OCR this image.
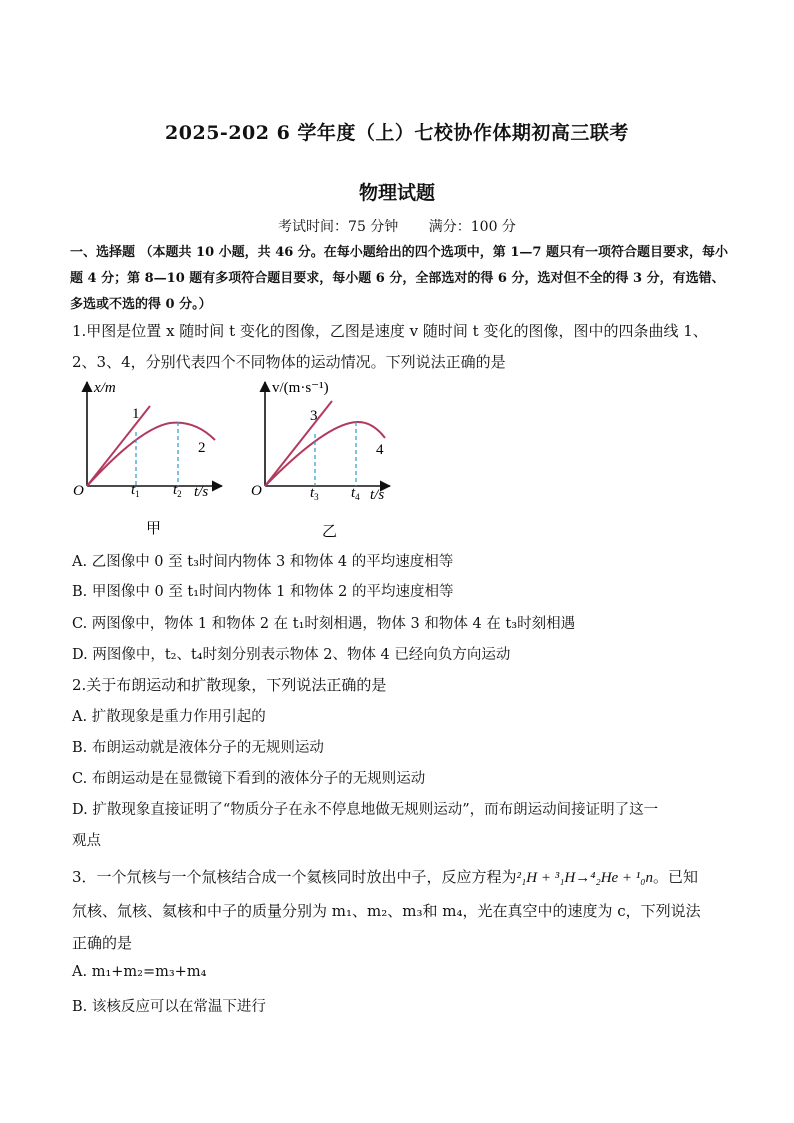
2025-202 6 学年度（上）七校协作体期初高三联考
物理试题
考试时间：75 分钟 满分：100 分
一、选择题 （本题共 10 小题，共 46 分。在每小题给出的四个选项中，第 1—7 题只有一项符合题目要求，每小题 4 分；第 8—10 题有多项符合题目要求，每小题 6 分，全部选对的得 6 分，选对但不全的得 3 分，有选错、多选或不选的得 0 分。）
1.甲图是位置 x 随时间 t 变化的图像，乙图是速度 v 随时间 t 变化的图像，图中的四条曲线 1、
2、3、4，分别代表四个不同物体的运动情况。下列说法正确的是
x/m
1
2
O	$t_1$ $t_2$ t/s
甲
v/(m·s⁻¹)
3
4
O	$t_3$ $t_4$ t/s
乙
A. 乙图像中 0 至 t₃时间内物体 3 和物体 4 的平均速度相等
B. 甲图像中 0 至 t₁时间内物体 1 和物体 2 的平均速度相等
C. 两图像中，物体 1 和物体 2 在 t₁时刻相遇，物体 3 和物体 4 在 t₃时刻相遇
D. 两图像中，t₂、t₄时刻分别表示物体 2、物体 4 已经向负方向运动
2.关于布朗运动和扩散现象，下列说法正确的是
A. 扩散现象是重力作用引起的
B. 布朗运动就是液体分子的无规则运动
C. 布朗运动是在显微镜下看到的液体分子的无规则运动
D. 扩散现象直接证明了“物质分子在永不停息地做无规则运动”，而布朗运动间接证明了这一
观点
3．一个氘核与一个氚核结合成一个氦核同时放出中子，反应方程为²₁H + ³₁H→⁴₂He + ¹₀n。已知
氘核、氚核、氦核和中子的质量分别为 m₁、m₂、m₃和 m₄，光在真空中的速度为 c，下列说法
正确的是
A. m₁+m₂=m₃+m₄
B. 该核反应可以在常温下进行
